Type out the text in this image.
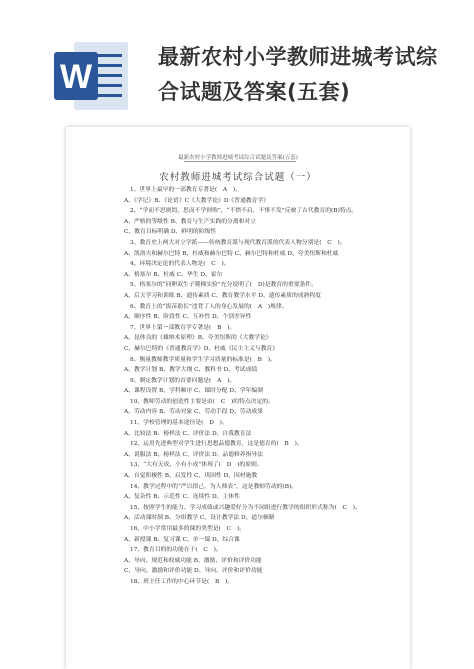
W
最新农村小学教师进城考试综合试题及答案(五套)
最新农村小学教师进城考试综合试题及答案(五套)
农村教师进城考试综合试题（一）
1、世界上最早的一部教育专著是(　A　)。
A、《学记》B、《论语》C《大教学论》D《普通教育学》
2、“学而不思则罔，思而不学则殆”，“不愤不启，不悱不发”反映了古代教育的(B)特点。
A、严格的等级性 B、教育与生产实践的分离和对立
C、教育目标明确 D、鲜明的阶级性
3、教育史上两大对立学派——传统教育派与现代教育派的代表人物分别是(　C　)。
A、凯洛夫和赫尔巴特 B、杜威和赫尔巴特 C、赫尔巴特和杜威 D、夸美纽斯和杜威
4、环境决定论的代表人物是(　C　)。
A、格塞尔 B、杜威 C、华生 D、霍尔
5、格塞尔的“同卵双生子爬梯实验”充分说明了(　D)是教育的重要条件。
A、后天学习和训练 B、遗传素质 C、教育教学水平 D、遗传素质的成熟程度
6、教育上的“拔苗助长”违背了人的身心发展的(　A　)规律。
A、顺序性 B、阶段性 C、互补性 D、个别差异性
7、世界上第一部教育学专著是(　B　)。
A、昆体良的《雄辩术原理》B、夸美纽斯的《大教学论》
C、赫尔巴特的《普通教育学》D、杜威《民主主义与教育》
8、衡量教师教学质量和学生学习质量的标准是(　B　)。
A、教学计划 B、教学大纲 C、教科书 D、考试成绩
9、制定教学计划的首要问题是(　A　)。
A、课程设置 B、学科顺序 C、课时分配 D、学年编制
10、教师劳动的创造性主要是由(　C　)的特点决定的。
A、劳动内容 B、劳动对象 C、劳动手段 D、劳动成果
11、学校管理的基本途径是(　D　)。
A、比较法 B、榜样法 C、评价法 D、自我教育法
12、运用先进典型对学生进行思想品德教育，这是德育的(　B　)。
A、说服法 B、榜样法 C、评价法 D、品德修养指导法
13、“大有天成，小有小成”体现了(　D　)的原则。
A、自觉积极性 B、启发性 C、巩固性 D、因材施教
14、教学过程中的“严以律己，为人师表”，这是教师劳动的(B)。
A、复杂性 B、示范性 C、连续性 D、主体性
15、按照学生的能力、学习成绩或兴趣爱好分为不同组进行教学的组织形式称为(　C　)。
A、活动课时制 B、分组教学 C、设计教学法 D、道尔顿制
16、中小学常用最多的课的类型是(　C　)。
A、新授课 B、复习课 C、单一课 D、综合课
17、教育目的的功能在于(　C　)。
A、导向、规范和权威功能 B、激励、评价和评价功能
C、导向、激励和评价功能 D、导向、评价和评价功能
18、班主任工作的中心环节是(　B　)。
